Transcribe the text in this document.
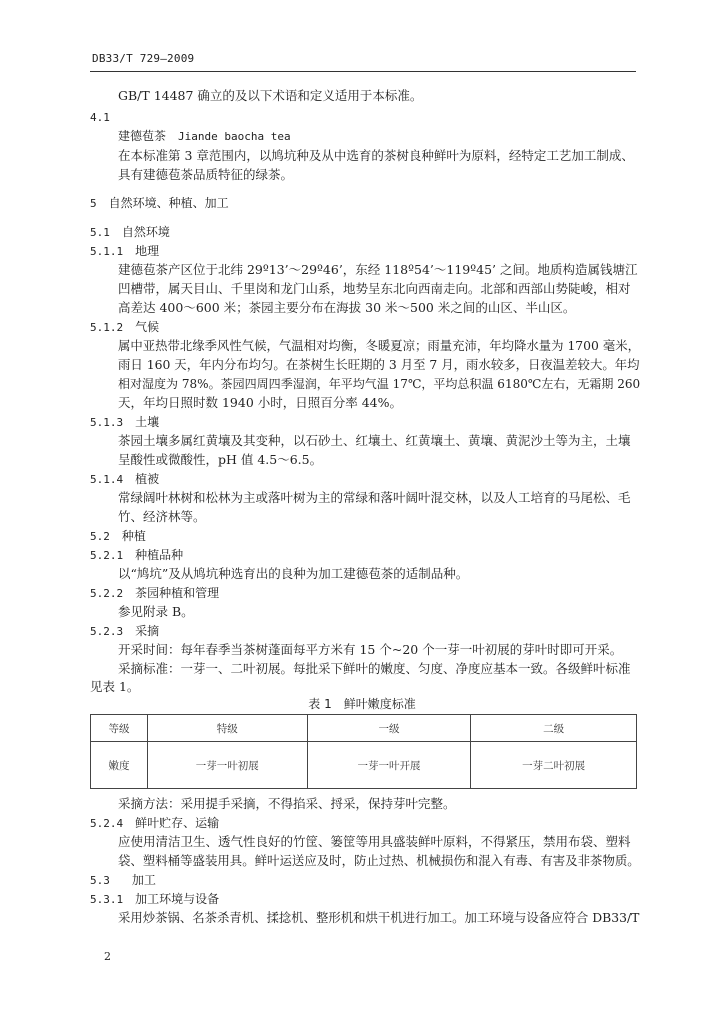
DB33/T 729—2009
GB/T 14487 确立的及以下术语和定义适用于本标准。
4.1
建德苞茶 Jiande baocha tea
在本标准第 3 章范围内，以鸠坑种及从中选育的茶树良种鲜叶为原料，经特定工艺加工制成、
具有建德苞茶品质特征的绿茶。
5 自然环境、种植、加工
5.1 自然环境
5.1.1 地理
建德苞茶产区位于北纬 29º13’～29º46’，东经 118º54’～119º45’ 之间。地质构造属钱塘江
凹槽带，属天目山、千里岗和龙门山系，地势呈东北向西南走向。北部和西部山势陡峻，相对
高差达 400～600 米；茶园主要分布在海拔 30 米～500 米之间的山区、半山区。
5.1.2 气候
属中亚热带北缘季风性气候，气温相对均衡，冬暖夏凉；雨量充沛，年均降水量为 1700 毫米，
雨日 160 天，年内分布均匀。在茶树生长旺期的 3 月至 7 月，雨水较多，日夜温差较大。年均
相对湿度为 78%。茶园四周四季湿润，年平均气温 17℃，平均总积温 6180℃左右，无霜期 260
天，年均日照时数 1940 小时，日照百分率 44%。
5.1.3 土壤
茶园土壤多属红黄壤及其变种，以石砂土、红壤土、红黄壤土、黄壤、黄泥沙土等为主，土壤
呈酸性或微酸性，pH 值 4.5～6.5。
5.1.4 植被
常绿阔叶林树和松林为主或落叶树为主的常绿和落叶阔叶混交林，以及人工培育的马尾松、毛
竹、经济林等。
5.2 种植
5.2.1 种植品种
以“鸠坑”及从鸠坑种选育出的良种为加工建德苞茶的适制品种。
5.2.2 茶园种植和管理
参见附录 B。
5.2.3 采摘
开采时间：每年春季当茶树蓬面每平方米有 15 个~20 个一芽一叶初展的芽叶时即可开采。
采摘标准：一芽一、二叶初展。每批采下鲜叶的嫩度、匀度、净度应基本一致。各级鲜叶标准
见表 1。
表 1 鲜叶嫩度标准
等级	特级	一级	二级
嫩度	一芽一叶初展	一芽一叶开展	一芽二叶初展
采摘方法：采用提手采摘，不得掐采、捋采，保持芽叶完整。
5.2.4 鲜叶贮存、运输
应使用清洁卫生、透气性良好的竹筐、篓筐等用具盛装鲜叶原料，不得紧压，禁用布袋、塑料
袋、塑料桶等盛装用具。鲜叶运送应及时，防止过热、机械损伤和混入有毒、有害及非茶物质。
5.3 加工
5.3.1 加工环境与设备
采用炒茶锅、名茶杀青机、揉捻机、整形机和烘干机进行加工。加工环境与设备应符合 DB33/T
2
